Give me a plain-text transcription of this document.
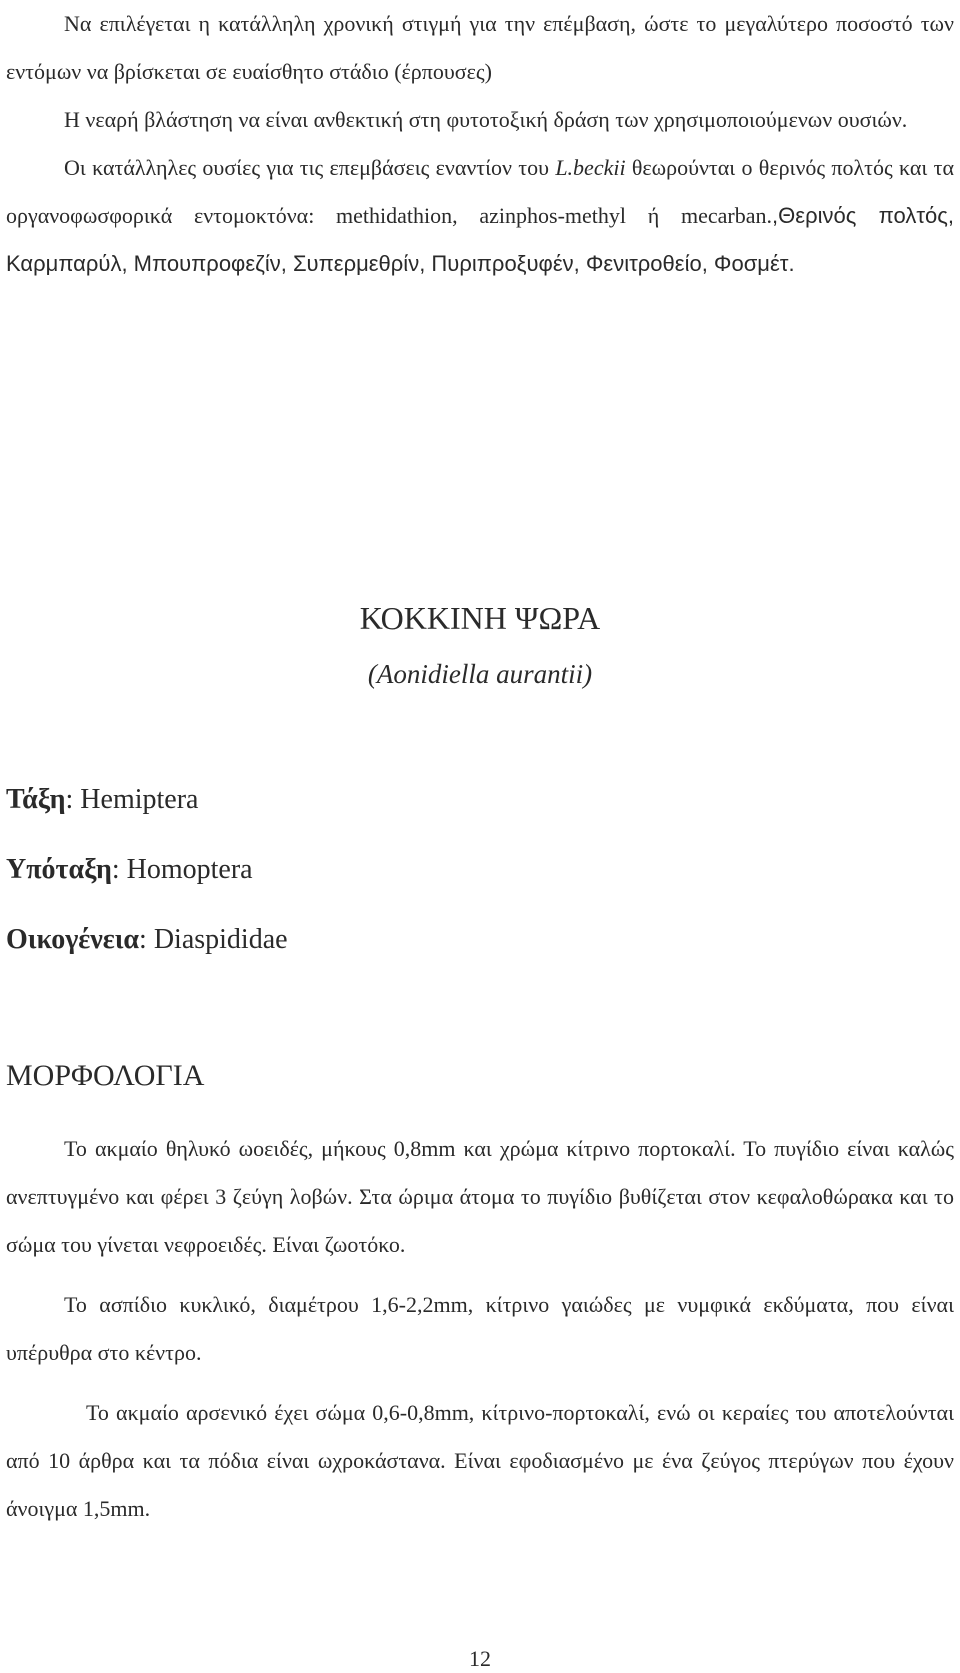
Να επιλέγεται η κατάλληλη χρονική στιγμή για την επέμβαση, ώστε το μεγαλύτερο ποσοστό των εντόμων να βρίσκεται σε ευαίσθητο στάδιο (έρπουσες)

Η νεαρή βλάστηση να είναι ανθεκτική στη φυτοτοξική δράση των χρησιμοποιούμενων ουσιών.

Οι κατάλληλες ουσίες για τις επεμβάσεις εναντίον του L.beckii θεωρούνται ο θερινός πολτός και τα οργανοφωσφορικά εντομοκτόνα: methidathion, azinphos-methyl ή mecarban.,Θερινός πολτός, Καρμπαρύλ, Μπουπροφεζίν, Συπερμεθρίν, Πυριπροξυφέν, Φενιτροθείο, Φοσμέτ.

ΚΟΚΚΙΝΗ ΨΩΡΑ

(Aonidiella aurantii)

Τάξη: Hemiptera
Υπόταξη: Homoptera
Οικογένεια: Diaspididae
ΜΟΡΦΟΛΟΓΙΑ

Το ακμαίο θηλυκό ωοειδές, μήκους 0,8mm και χρώμα κίτρινο πορτοκαλί. Το πυγίδιο είναι καλώς ανεπτυγμένο και φέρει 3 ζεύγη λοβών. Στα ώριμα άτομα το πυγίδιο βυθίζεται στον κεφαλοθώρακα και το σώμα του γίνεται νεφροειδές. Είναι ζωοτόκο.

Το ασπίδιο κυκλικό, διαμέτρου 1,6-2,2mm, κίτρινο γαιώδες με νυμφικά εκδύματα, που είναι υπέρυθρα στο κέντρο.

Το ακμαίο αρσενικό έχει σώμα 0,6-0,8mm, κίτρινο-πορτοκαλί, ενώ οι κεραίες του αποτελούνται από 10 άρθρα και τα πόδια είναι ωχροκάστανα. Είναι εφοδιασμένο με ένα ζεύγος πτερύγων που έχουν άνοιγμα 1,5mm.

12
